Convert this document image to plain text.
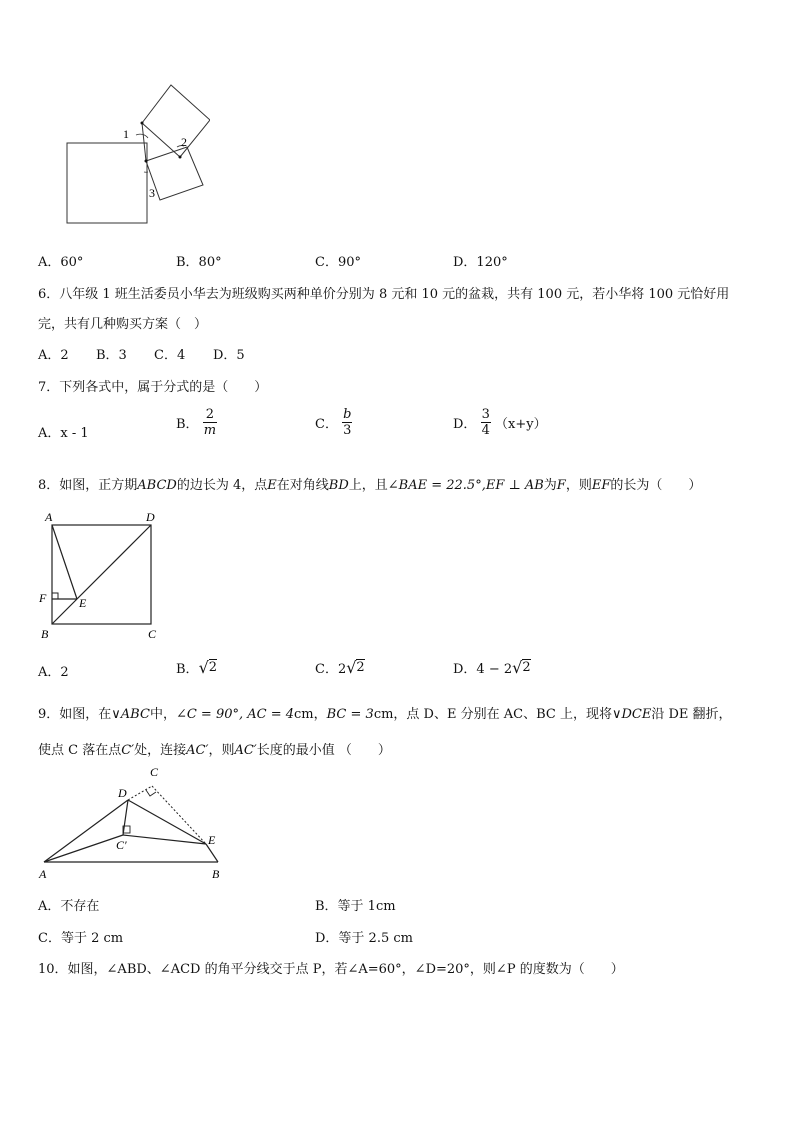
1
2
3
A．60°	B．80°	C．90°	D．120°
6．八年级 1 班生活委员小华去为班级购买两种单价分别为 8 元和 10 元的盆栽，共有 100 元，若小华将 100 元恰好用
完，共有几种购买方案（　）
A．2 B．3 C．4 D．5
7．下列各式中，属于分式的是（　　）
A．x - 1
B． $\frac{2}{m}$	C． $\frac{b}{3}$	D． $\frac{3}{4} (x+y)$
8．如图，正方期ABCD的边长为 4，点E在对角线BD上，且∠BAE = 22.5°,EF ⊥ AB为F，则EF的长为（　　）
A	D
F	E
B	C
A．2	B．√2	C．2√2	D．4 − 2√2
9．如图，在∨ABC中，∠C = 90°, AC = 4cm，BC = 3cm，点 D、E 分别在 AC、BC 上，现将∨DCE沿 DE 翻折，
使点 C 落在点C′处，连接AC′，则AC′长度的最小值 （　　）
C
D
C′	E
A	B
A．不存在	B．等于 1cm
C．等于 2 cm	D．等于 2.5 cm
10．如图，∠ABD、∠ACD 的角平分线交于点 P，若∠A=60°，∠D=20°，则∠P 的度数为（　　）
